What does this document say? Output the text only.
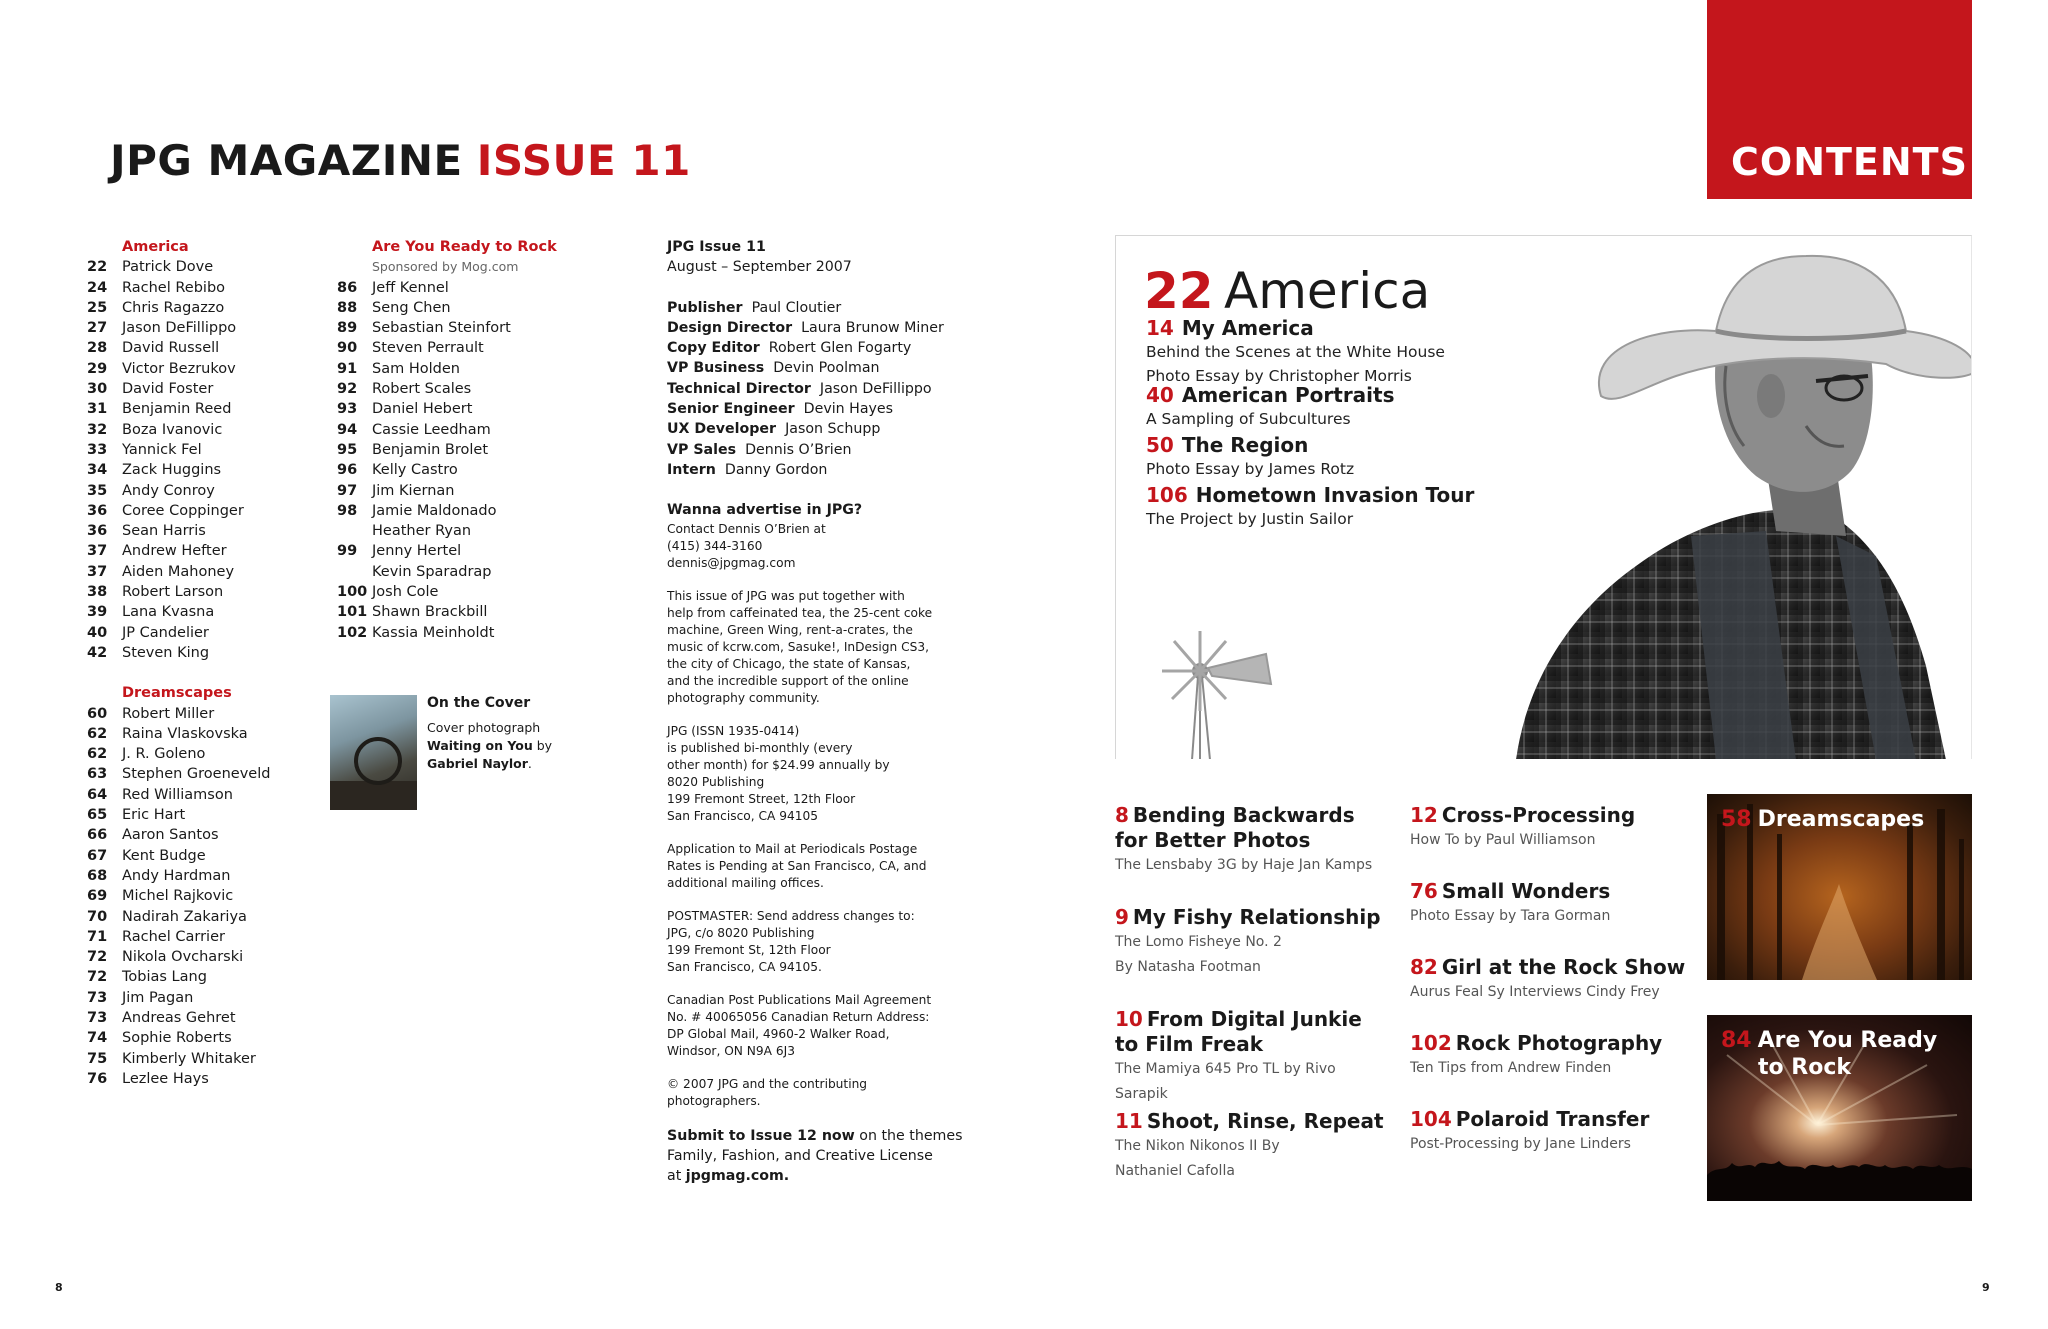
JPG MAGAZINE ISSUE 11	CONTENTS
America
22	Patrick Dove
24	Rachel Rebibo
25	Chris Ragazzo
27	Jason DeFillippo
28	David Russell
29	Victor Bezrukov
30	David Foster
31	Benjamin Reed
32	Boza Ivanovic
33	Yannick Fel
34	Zack Huggins
35	Andy Conroy
36	Coree Coppinger
36	Sean Harris
37	Andrew Hefter
37	Aiden Mahoney
38	Robert Larson
39	Lana Kvasna
40	JP Candelier
42	Steven King
Dreamscapes
60	Robert Miller
62	Raina Vlaskovska
62	J. R. Goleno
63	Stephen Groeneveld
64	Red Williamson
65	Eric Hart
66	Aaron Santos
67	Kent Budge
68	Andy Hardman
69	Michel Rajkovic
70	Nadirah Zakariya
71	Rachel Carrier
72	Nikola Ovcharski
72	Tobias Lang
73	Jim Pagan
73	Andreas Gehret
74	Sophie Roberts
75	Kimberly Whitaker
76	Lezlee Hays
Are You Ready to Rock
Sponsored by Mog.com
86	Jeff Kennel
88	Seng Chen
89	Sebastian Steinfort
90	Steven Perrault
91	Sam Holden
92	Robert Scales
93	Daniel Hebert
94	Cassie Leedham
95	Benjamin Brolet
96	Kelly Castro
97	Jim Kiernan
98	Jamie Maldonado
Heather Ryan
99	Jenny Hertel
Kevin Sparadrap
100 Josh Cole
101 Shawn Brackbill
102 Kassia Meinholdt
On the Cover
Cover photograph Waiting on You by Gabriel Naylor.
JPG Issue 11
August – September 2007
Publisher Paul Cloutier
Design Director Laura Brunow Miner
Copy Editor Robert Glen Fogarty
VP Business Devin Poolman
Technical Director Jason DeFillippo
Senior Engineer Devin Hayes
UX Developer Jason Schupp
VP Sales Dennis O’Brien
Intern Danny Gordon
Wanna advertise in JPG?
Contact Dennis O’Brien at
(415) 344-3160
dennis@jpgmag.com
This issue of JPG was put together with
help from caffeinated tea, the 25-cent coke
machine, Green Wing, rent-a-crates, the
music of kcrw.com, Sasuke!, InDesign CS3,
the city of Chicago, the state of Kansas,
and the incredible support of the online
photography community.
JPG (ISSN 1935-0414)
is published bi-monthly (every
other month) for $24.99 annually by
8020 Publishing
199 Fremont Street, 12th Floor
San Francisco, CA 94105
Application to Mail at Periodicals Postage
Rates is Pending at San Francisco, CA, and
additional mailing offices.
POSTMASTER: Send address changes to:
JPG, c/o 8020 Publishing
199 Fremont St, 12th Floor
San Francisco, CA 94105.
Canadian Post Publications Mail Agreement
No. # 40065056 Canadian Return Address:
DP Global Mail, 4960-2 Walker Road,
Windsor, ON N9A 6J3
© 2007 JPG and the contributing
photographers.
Submit to Issue 12 now on the themes
Family, Fashion, and Creative License
at jpgmag.com.
22 America
14 My America
Behind the Scenes at the White House
Photo Essay by Christopher Morris
40 American Portraits
A Sampling of Subcultures
50 The Region
Photo Essay by James Rotz
106 Hometown Invasion Tour
The Project by Justin Sailor
8 Bending Backwards for Better Photos
The Lensbaby 3G by Haje Jan Kamps
9 My Fishy Relationship
The Lomo Fisheye No. 2 By Natasha Footman
10 From Digital Junkie to Film Freak
The Mamiya 645 Pro TL by Rivo Sarapik
11 Shoot, Rinse, Repeat
The Nikon Nikonos II By Nathaniel Cafolla
12 Cross-Processing
How To by Paul Williamson
76 Small Wonders
Photo Essay by Tara Gorman
82 Girl at the Rock Show
Aurus Feal Sy Interviews Cindy Frey
102 Rock Photography
Ten Tips from Andrew Finden
104 Polaroid Transfer
Post-Processing by Jane Linders
58 Dreamscapes
84 Are You Ready
to Rock
8	9
